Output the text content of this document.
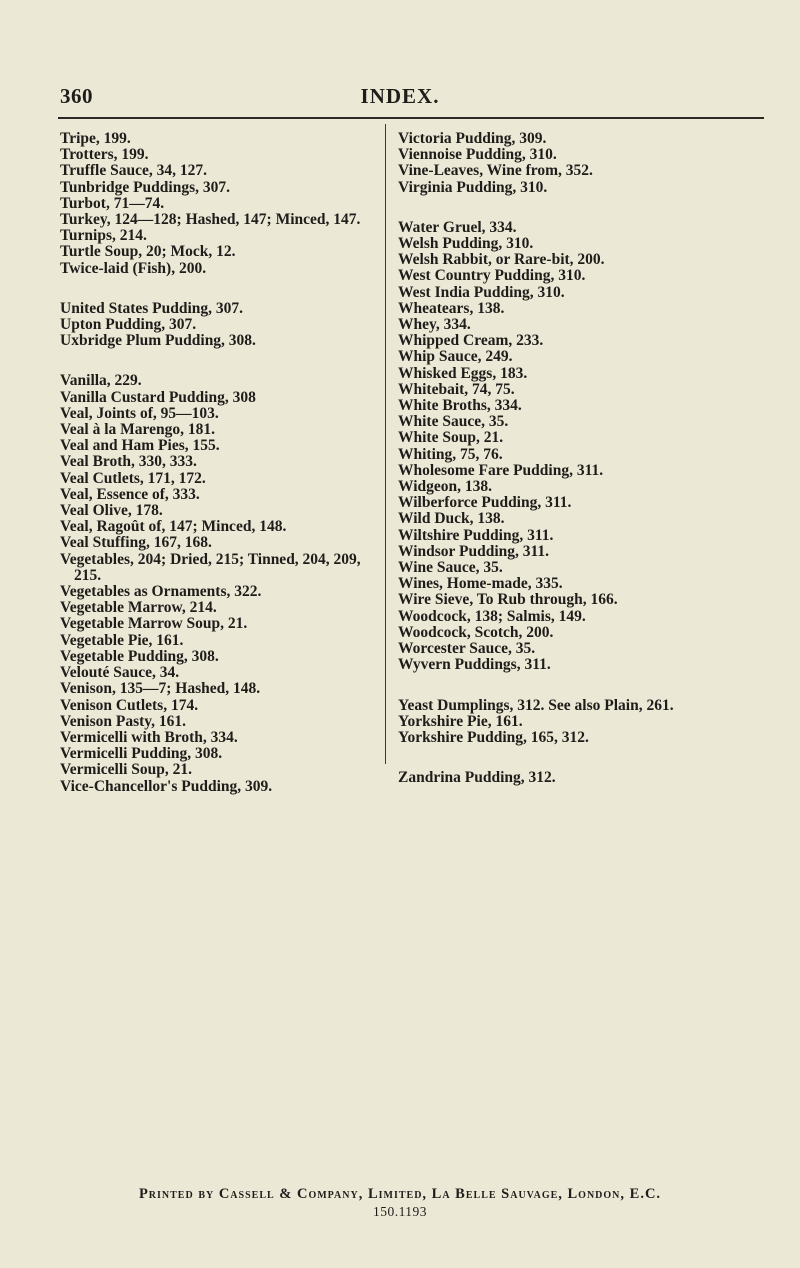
360	INDEX.
Tripe, 199.
Trotters, 199.
Truffle Sauce, 34, 127.
Tunbridge Puddings, 307.
Turbot, 71—74.
Turkey, 124—128; Hashed, 147; Minced, 147.
Turnips, 214.
Turtle Soup, 20; Mock, 12.
Twice-laid (Fish), 200.
United States Pudding, 307.
Upton Pudding, 307.
Uxbridge Plum Pudding, 308.
Vanilla, 229.
Vanilla Custard Pudding, 308
Veal, Joints of, 95—103.
Veal à la Marengo, 181.
Veal and Ham Pies, 155.
Veal Broth, 330, 333.
Veal Cutlets, 171, 172.
Veal, Essence of, 333.
Veal Olive, 178.
Veal, Ragoût of, 147; Minced, 148.
Veal Stuffing, 167, 168.
Vegetables, 204; Dried, 215; Tinned, 204, 209, 215.
Vegetables as Ornaments, 322.
Vegetable Marrow, 214.
Vegetable Marrow Soup, 21.
Vegetable Pie, 161.
Vegetable Pudding, 308.
Velouté Sauce, 34.
Venison, 135—7; Hashed, 148.
Venison Cutlets, 174.
Venison Pasty, 161.
Vermicelli with Broth, 334.
Vermicelli Pudding, 308.
Vermicelli Soup, 21.
Vice-Chancellor's Pudding, 309.
Victoria Pudding, 309.
Viennoise Pudding, 310.
Vine-Leaves, Wine from, 352.
Virginia Pudding, 310.
Water Gruel, 334.
Welsh Pudding, 310.
Welsh Rabbit, or Rare-bit, 200.
West Country Pudding, 310.
West India Pudding, 310.
Wheatears, 138.
Whey, 334.
Whipped Cream, 233.
Whip Sauce, 249.
Whisked Eggs, 183.
Whitebait, 74, 75.
White Broths, 334.
White Sauce, 35.
White Soup, 21.
Whiting, 75, 76.
Wholesome Fare Pudding, 311.
Widgeon, 138.
Wilberforce Pudding, 311.
Wild Duck, 138.
Wiltshire Pudding, 311.
Windsor Pudding, 311.
Wine Sauce, 35.
Wines, Home-made, 335.
Wire Sieve, To Rub through, 166.
Woodcock, 138; Salmis, 149.
Woodcock, Scotch, 200.
Worcester Sauce, 35.
Wyvern Puddings, 311.
Yeast Dumplings, 312. See also Plain, 261.
Yorkshire Pie, 161.
Yorkshire Pudding, 165, 312.
Zandrina Pudding, 312.
Printed by Cassell & Company, Limited, La Belle Sauvage, London, E.C.
150.1193
